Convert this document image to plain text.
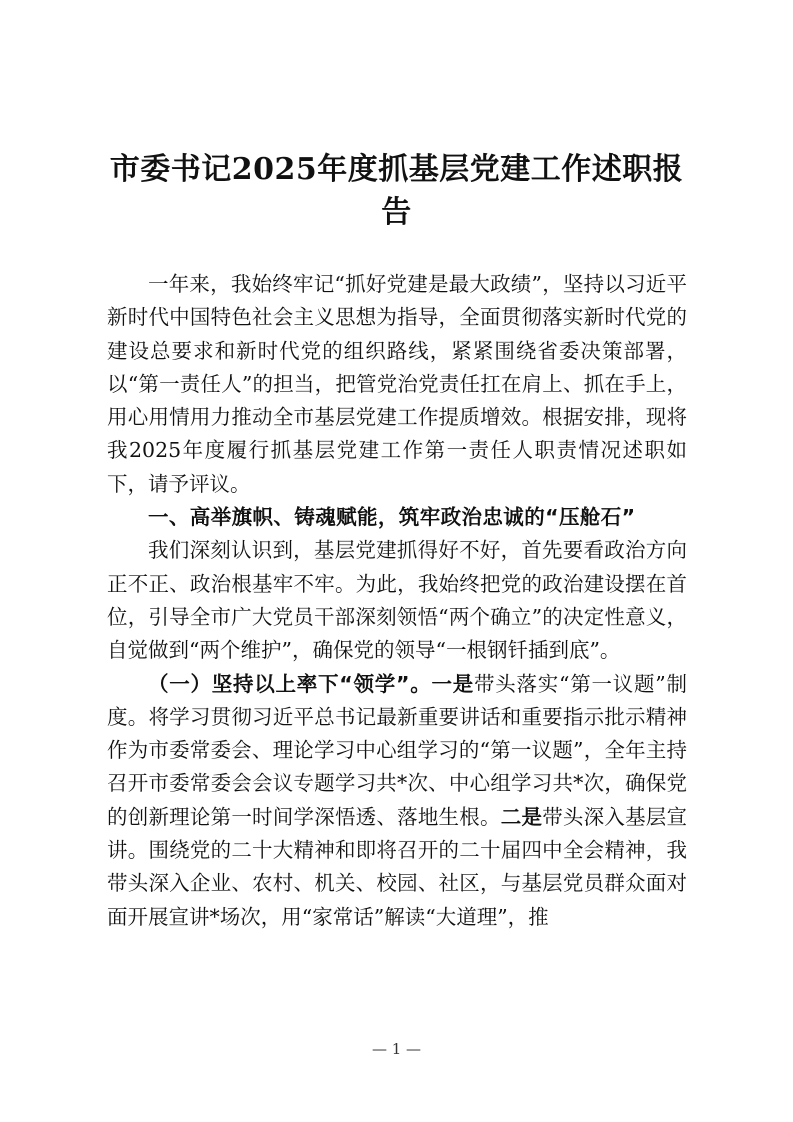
市委书记2025年度抓基层党建工作述职报告

一年来，我始终牢记“抓好党建是最大政绩”，坚持以习近平新时代中国特色社会主义思想为指导，全面贯彻落实新时代党的建设总要求和新时代党的组织路线，紧紧围绕省委决策部署，以“第一责任人”的担当，把管党治党责任扛在肩上、抓在手上，用心用情用力推动全市基层党建工作提质增效。根据安排，现将我2025年度履行抓基层党建工作第一责任人职责情况述职如下，请予评议。

一、高举旗帜、铸魂赋能，筑牢政治忠诚的“压舱石”

我们深刻认识到，基层党建抓得好不好，首先要看政治方向正不正、政治根基牢不牢。为此，我始终把党的政治建设摆在首位，引导全市广大党员干部深刻领悟“两个确立”的决定性意义，自觉做到“两个维护”，确保党的领导“一根钢钎插到底”。

（一）坚持以上率下“领学”。一是带头落实“第一议题”制度。将学习贯彻习近平总书记最新重要讲话和重要指示批示精神作为市委常委会、理论学习中心组学习的“第一议题”，全年主持召开市委常委会会议专题学习共*次、中心组学习共*次，确保党的创新理论第一时间学深悟透、落地生根。二是带头深入基层宣讲。围绕党的二十大精神和即将召开的二十届四中全会精神，我带头深入企业、农村、机关、校园、社区，与基层党员群众面对面开展宣讲*场次，用“家常话”解读“大道理”，推

— 1 —
